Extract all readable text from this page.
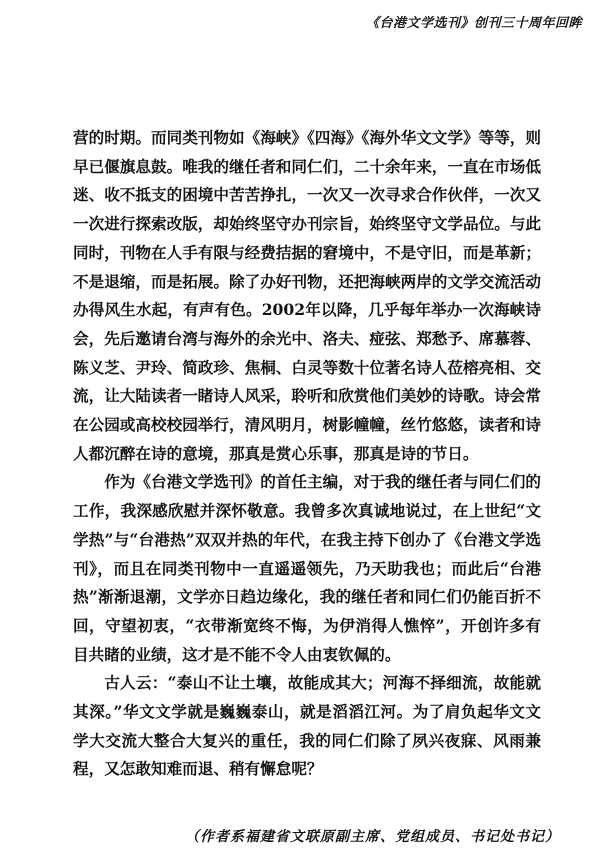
《台港文学选刊》创刊三十周年回眸

营的时期。而同类刊物如《海峡》《四海》《海外华文文学》等等，则早已偃旗息鼓。唯我的继任者和同仁们，二十余年来，一直在市场低迷、收不抵支的困境中苦苦挣扎，一次又一次寻求合作伙伴，一次又一次进行探索改版，却始终坚守办刊宗旨，始终坚守文学品位。与此同时，刊物在人手有限与经费拮据的窘境中，不是守旧，而是革新；不是退缩，而是拓展。除了办好刊物，还把海峡两岸的文学交流活动办得风生水起，有声有色。2002年以降，几乎每年举办一次海峡诗会，先后邀请台湾与海外的余光中、洛夫、痖弦、郑愁予、席慕蓉、陈义芝、尹玲、简政珍、焦桐、白灵等数十位著名诗人莅榕亮相、交流，让大陆读者一睹诗人风采，聆听和欣赏他们美妙的诗歌。诗会常在公园或高校校园举行，清风明月，树影幢幢，丝竹悠悠，读者和诗人都沉醉在诗的意境，那真是赏心乐事，那真是诗的节日。

作为《台港文学选刊》的首任主编，对于我的继任者与同仁们的工作，我深感欣慰并深怀敬意。我曾多次真诚地说过，在上世纪“文学热”与“台港热”双双并热的年代，在我主持下创办了《台港文学选刊》，而且在同类刊物中一直遥遥领先，乃天助我也；而此后“台港热”渐渐退潮，文学亦日趋边缘化，我的继任者和同仁们仍能百折不回，守望初衷，“衣带渐宽终不悔，为伊消得人憔悴”，开创许多有目共睹的业绩，这才是不能不令人由衷钦佩的。

古人云：“泰山不让土壤，故能成其大；河海不择细流，故能就其深。”华文文学就是巍巍泰山，就是滔滔江河。为了肩负起华文文学大交流大整合大复兴的重任，我的同仁们除了夙兴夜寐、风雨兼程，又怎敢知难而退、稍有懈怠呢？

（作者系福建省文联原副主席、党组成员、书记处书记）
